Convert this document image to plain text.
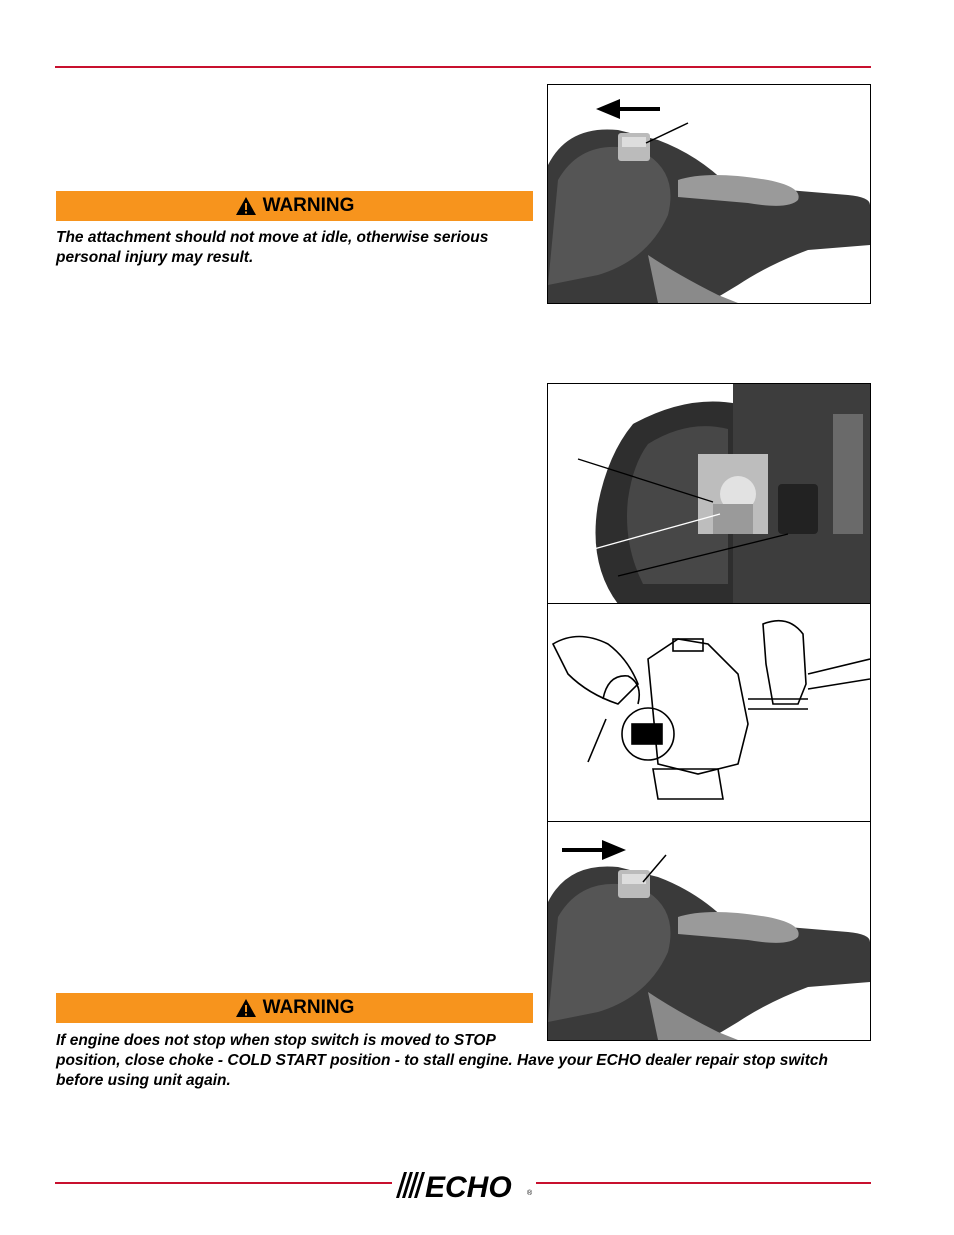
WARNING
The attachment should not move at idle, otherwise serious personal injury may result.
WARNING
If engine does not stop when stop switch is moved to STOP
position, close choke - COLD START position - to stall engine. Have your ECHO dealer repair stop switch before using unit again.
ECHO ®
